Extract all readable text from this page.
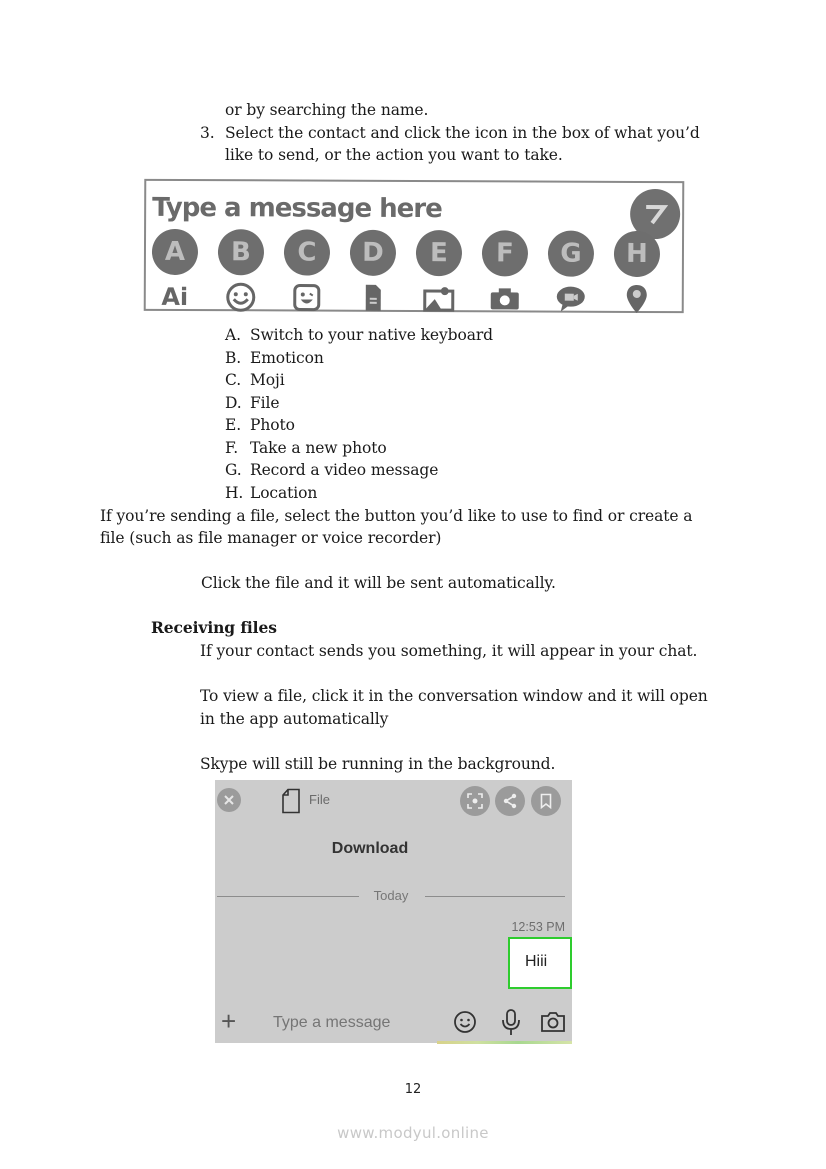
or by searching the name.
3. Select the contact and click the icon in the box of what you’d
like to send, or the action you want to take.
Type a message here
A
Ai
B	C	D	E	F	G	H
A. Switch to your native keyboard
B. Emoticon
C. Moji
D. File
E. Photo
F. Take a new photo
G. Record a video message
H. Location
If you’re sending a file, select the button you’d like to use to find or create a
file (such as file manager or voice recorder)
Click the file and it will be sent automatically.
Receiving files
If your contact sends you something, it will appear in your chat.
To view a file, click it in the conversation window and it will open
in the app automatically
Skype will still be running in the background.
File
Download
Today
12:53 PM
Hiii
+
Type a message
12
www.modyul.online
